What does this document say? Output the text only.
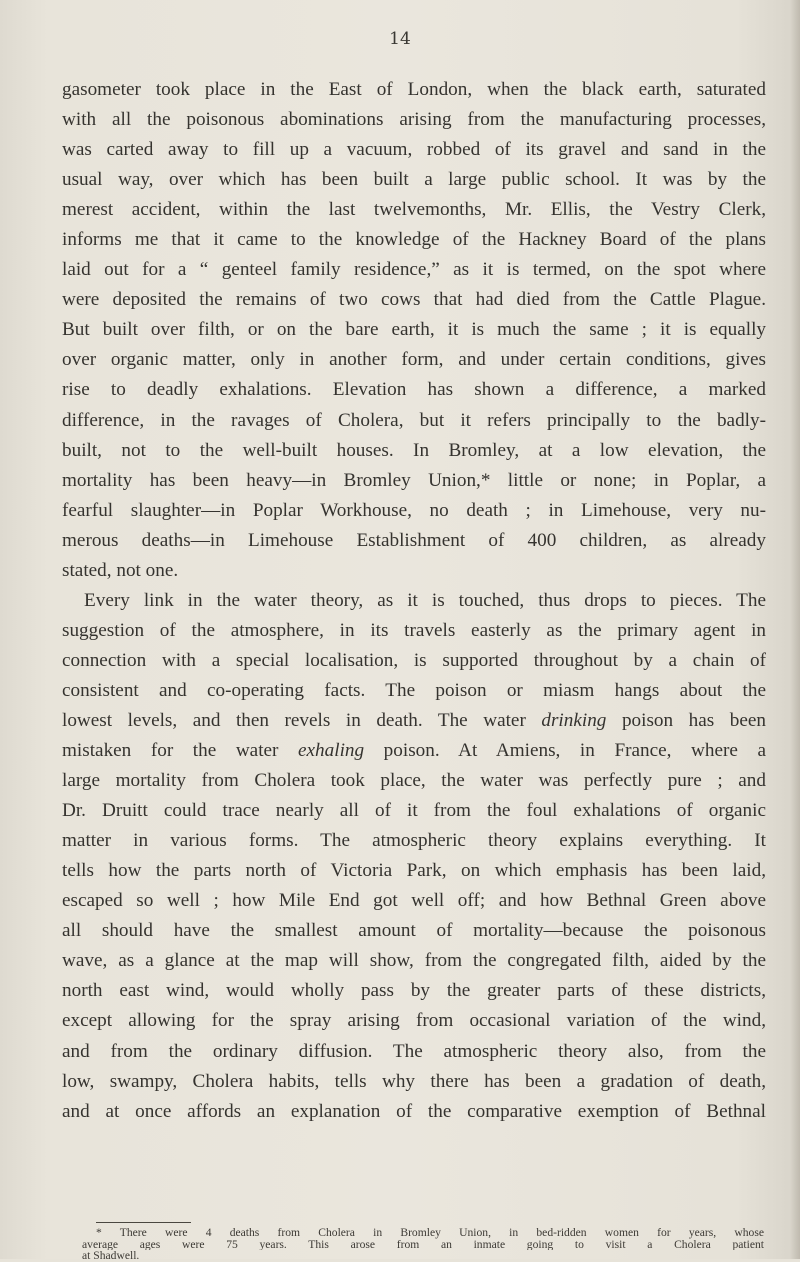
14

gasometer took place in the East of London, when the black earth, saturated
with all the poisonous abominations arising from the manufacturing processes,
was carted away to fill up a vacuum, robbed of its gravel and sand in the
usual way, over which has been built a large public school. It was by the
merest accident, within the last twelvemonths, Mr. Ellis, the Vestry Clerk,
informs me that it came to the knowledge of the Hackney Board of the plans
laid out for a “ genteel family residence,” as it is termed, on the spot where
were deposited the remains of two cows that had died from the Cattle Plague.
But built over filth, or on the bare earth, it is much the same ; it is equally
over organic matter, only in another form, and under certain conditions, gives
rise to deadly exhalations. Elevation has shown a difference, a marked
difference, in the ravages of Cholera, but it refers principally to the badly-
built, not to the well-built houses. In Bromley, at a low elevation, the
mortality has been heavy—in Bromley Union,* little or none; in Poplar, a
fearful slaughter—in Poplar Workhouse, no death ; in Limehouse, very nu-
merous deaths—in Limehouse Establishment of 400 children, as already
stated, not one.

Every link in the water theory, as it is touched, thus drops to pieces. The
suggestion of the atmosphere, in its travels easterly as the primary agent in
connection with a special localisation, is supported throughout by a chain of
consistent and co-operating facts. The poison or miasm hangs about the
lowest levels, and then revels in death. The water drinking poison has been
mistaken for the water exhaling poison. At Amiens, in France, where a
large mortality from Cholera took place, the water was perfectly pure ; and
Dr. Druitt could trace nearly all of it from the foul exhalations of organic
matter in various forms. The atmospheric theory explains everything. It
tells how the parts north of Victoria Park, on which emphasis has been laid,
escaped so well ; how Mile End got well off; and how Bethnal Green above
all should have the smallest amount of mortality—because the poisonous
wave, as a glance at the map will show, from the congregated filth, aided by the
north east wind, would wholly pass by the greater parts of these districts,
except allowing for the spray arising from occasional variation of the wind,
and from the ordinary diffusion. The atmospheric theory also, from the
low, swampy, Cholera habits, tells why there has been a gradation of death,
and at once affords an explanation of the comparative exemption of Bethnal

* There were 4 deaths from Cholera in Bromley Union, in bed-ridden women for years, whose
average ages were 75 years. This arose from an inmate going to visit a Cholera patient
at Shadwell.
